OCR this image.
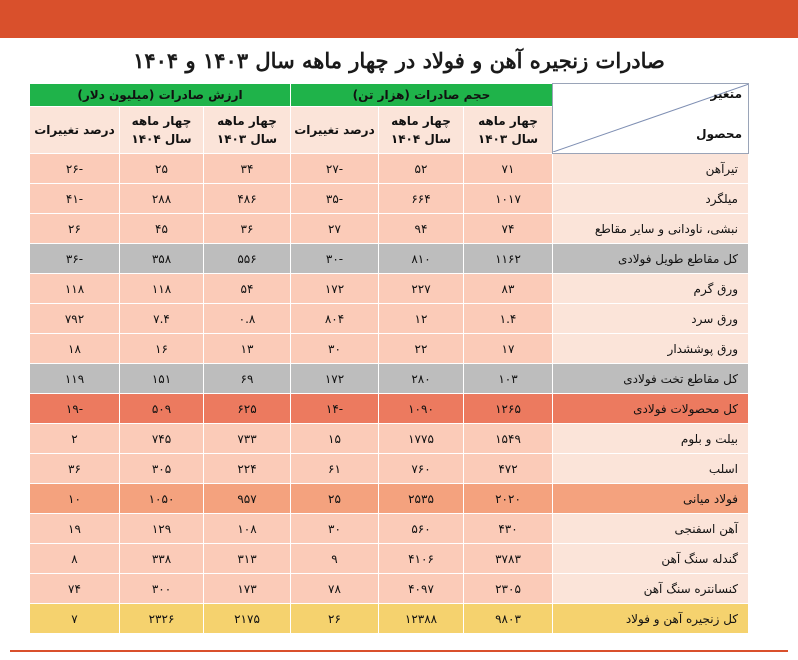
صادرات زنجیره آهن و فولاد در چهار ماهه سال ۱۴۰۳ و ۱۴۰۴
متغیر
محصول	حجم صادرات (هزار تن)			ارزش صادرات (میلیون دلار)		
	چهار ماهه سال ۱۴۰۳	چهار ماهه سال ۱۴۰۴	درصد تغییرات	چهار ماهه سال ۱۴۰۳	چهار ماهه سال ۱۴۰۴	درصد تغییرات
تیرآهن	۷۱	۵۲	-۲۷	۳۴	۲۵	-۲۶
میلگرد	۱۰۱۷	۶۶۴	-۳۵	۴۸۶	۲۸۸	-۴۱
نبشی، ناودانی و سایر مقاطع	۷۴	۹۴	۲۷	۳۶	۴۵	۲۶
کل مقاطع طویل فولادی	۱۱۶۲	۸۱۰	-۳۰	۵۵۶	۳۵۸	-۳۶
ورق گرم	۸۳	۲۲۷	۱۷۲	۵۴	۱۱۸	۱۱۸
ورق سرد	۱.۴	۱۲	۸۰۴	۰.۸	۷.۴	۷۹۲
ورق پوششدار	۱۷	۲۲	۳۰	۱۳	۱۶	۱۸
کل مقاطع تخت فولادی	۱۰۳	۲۸۰	۱۷۲	۶۹	۱۵۱	۱۱۹
کل محصولات فولادی	۱۲۶۵	۱۰۹۰	-۱۴	۶۲۵	۵۰۹	-۱۹
بیلت و بلوم	۱۵۴۹	۱۷۷۵	۱۵	۷۳۳	۷۴۵	۲
اسلب	۴۷۲	۷۶۰	۶۱	۲۲۴	۳۰۵	۳۶
فولاد میانی	۲۰۲۰	۲۵۳۵	۲۵	۹۵۷	۱۰۵۰	۱۰
آهن اسفنجی	۴۳۰	۵۶۰	۳۰	۱۰۸	۱۲۹	۱۹
گندله سنگ آهن	۳۷۸۳	۴۱۰۶	۹	۳۱۳	۳۳۸	۸
کنسانتره سنگ آهن	۲۳۰۵	۴۰۹۷	۷۸	۱۷۳	۳۰۰	۷۴
کل زنجیره آهن و فولاد	۹۸۰۳	۱۲۳۸۸	۲۶	۲۱۷۵	۲۳۲۶	۷
